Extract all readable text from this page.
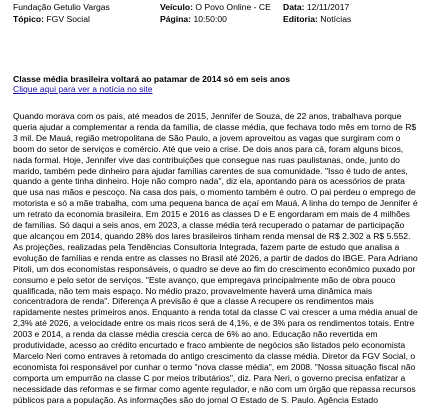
Fundação Getulio Vargas	Veículo: O Povo Online - CE Data: 12/11/2017
Tópico: FGV Social	Página: 10:50:00	Editoria: Notícias
Classe média brasileira voltará ao patamar de 2014 só em seis anos
Clique aqui para ver a notícia no site
Quando morava com os pais, até meados de 2015, Jennifer de Souza, de 22 anos, trabalhava porque queria ajudar a complementar a renda da família, de classe média, que fechava todo mês em torno de R$ 3 mil. De Mauá, região metropolitana de São Paulo, a jovem aproveitou as vagas que surgiram com o boom do setor de serviços e comércio. Até que veio a crise. De dois anos para cá, foram alguns bicos, nada formal. Hoje, Jennifer vive das contribuições que consegue nas ruas paulistanas, onde, junto do marido, também pede dinheiro para ajudar famílias carentes de sua comunidade. "Isso é tudo de antes, quando a gente tinha dinheiro. Hoje não compro nada", diz ela, apontando para os acessórios de prata que usa nas mãos e pescoço. Na casa dos pais, o momento também é outro. O pai perdeu o emprego de motorista e só a mãe trabalha, com uma pequena banca de açaí em Mauá. A linha do tempo de Jennifer é um retrato da economia brasileira. Em 2015 e 2016 as classes D e E engordaram em mais de 4 milhões de famílias. Só daqui a seis anos, em 2023, a classe média terá recuperado o patamar de participação que alcançou em 2014, quando 28% dos lares brasileiros tinham renda mensal de R$ 2.302 a R$ 5.552. As projeções, realizadas pela Tendências Consultoria Integrada, fazem parte de estudo que analisa a evolução de famílias e renda entre as classes no Brasil até 2026, a partir de dados do IBGE. Para Adriano Pitoli, um dos economistas responsáveis, o quadro se deve ao fim do crescimento econômico puxado por consumo e pelo setor de serviços. "Este avanço, que empregava principalmente mão de obra pouco qualificada, não tem mais espaço. No médio prazo, provavelmente haverá uma dinâmica mais concentradora de renda". Diferença A previsão é que a classe A recupere os rendimentos mais rapidamente nestes primeiros anos. Enquanto a renda total da classe C vai crescer a uma média anual de 2,3% até 2026, a velocidade entre os mais ricos será de 4,1%, e de 3% para os rendimentos totais. Entre 2003 e 2014, a renda da classe média crescia cerca de 6% ao ano. Educação não revertida em produtividade, acesso ao crédito encurtado e fraco ambiente de negócios são listados pelo economista Marcelo Neri como entraves à retomada do antigo crescimento da classe média. Diretor da FGV Social, o economista foi responsável por cunhar o termo "nova classe média", em 2008. "Nossa situação fiscal não comporta um empurrão na classe C por meios tributários", diz. Para Neri, o governo precisa enfatizar a necessidade das reformas e se firmar como agente regulador, e não com um órgão que repassa recursos públicos para a população. As informações são do jornal O Estado de S. Paulo. Agência Estado
